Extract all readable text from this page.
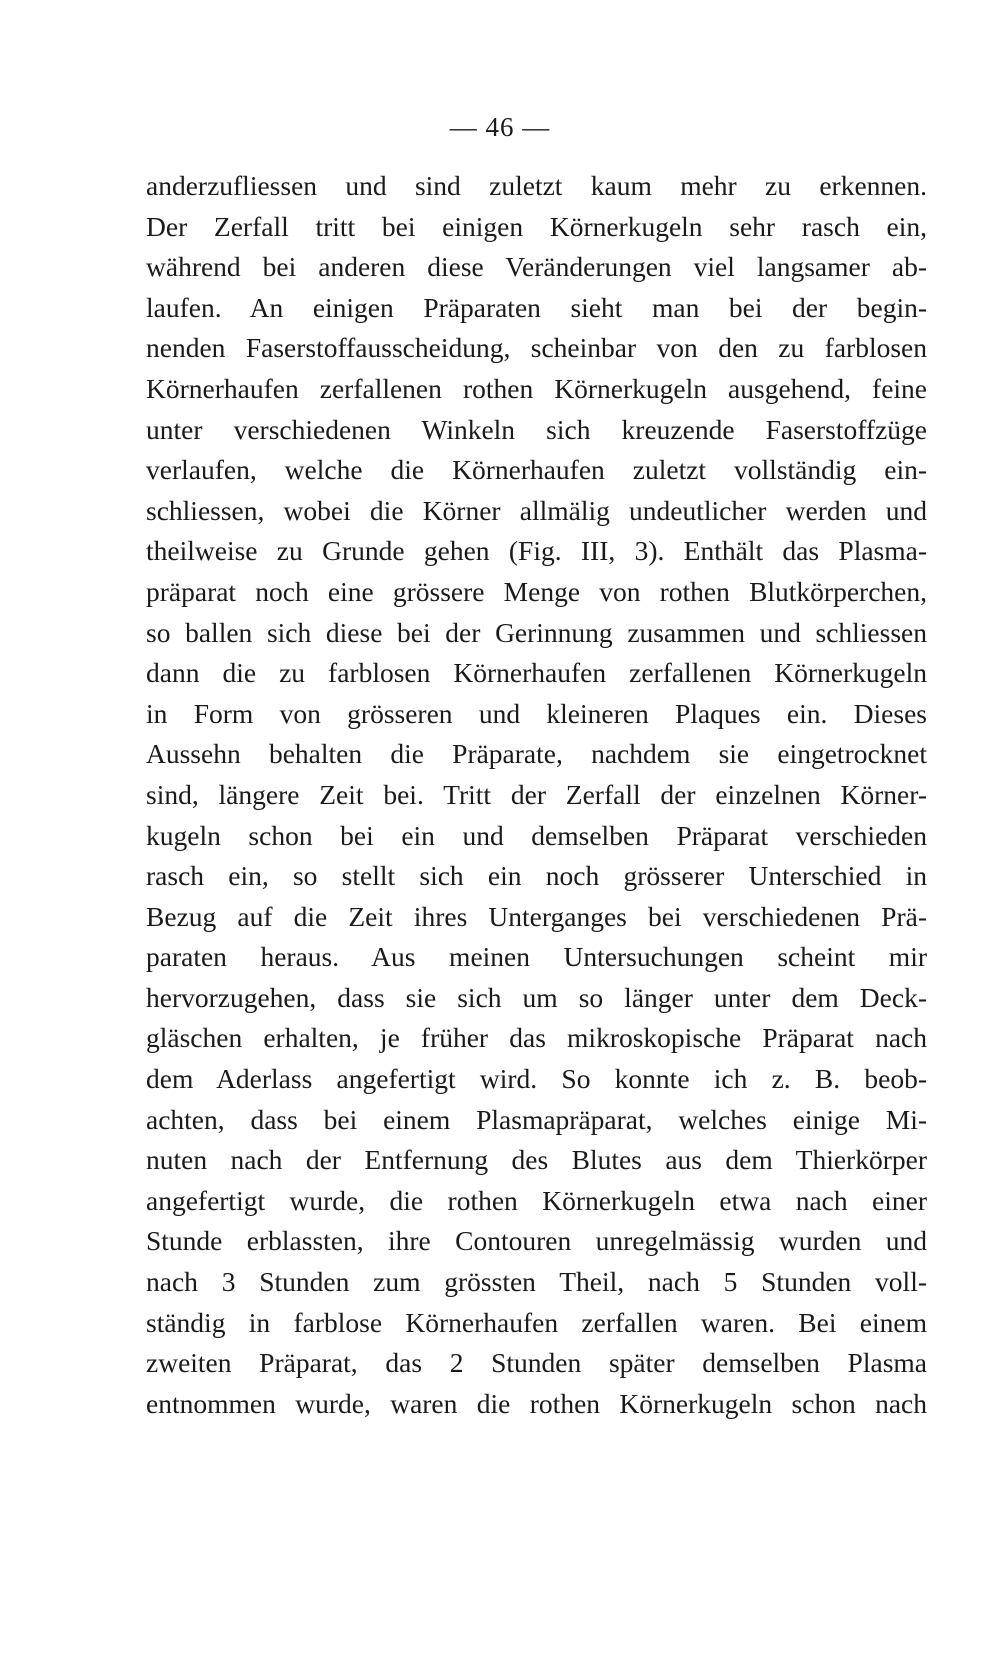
— 46 —
anderzufliessen und sind zuletzt kaum mehr zu erkennen.
Der Zerfall tritt bei einigen Körnerkugeln sehr rasch ein,
während bei anderen diese Veränderungen viel langsamer ab-
laufen. An einigen Präparaten sieht man bei der begin-
nenden Faserstoffausscheidung, scheinbar von den zu farblosen
Körnerhaufen zerfallenen rothen Körnerkugeln ausgehend, feine
unter verschiedenen Winkeln sich kreuzende Faserstoffzüge
verlaufen, welche die Körnerhaufen zuletzt vollständig ein-
schliessen, wobei die Körner allmälig undeutlicher werden und
theilweise zu Grunde gehen (Fig. III, 3). Enthält das Plasma-
präparat noch eine grössere Menge von rothen Blutkörperchen,
so ballen sich diese bei der Gerinnung zusammen und schliessen
dann die zu farblosen Körnerhaufen zerfallenen Körnerkugeln
in Form von grösseren und kleineren Plaques ein. Dieses
Aussehn behalten die Präparate, nachdem sie eingetrocknet
sind, längere Zeit bei. Tritt der Zerfall der einzelnen Körner-
kugeln schon bei ein und demselben Präparat verschieden
rasch ein, so stellt sich ein noch grösserer Unterschied in
Bezug auf die Zeit ihres Unterganges bei verschiedenen Prä-
paraten heraus. Aus meinen Untersuchungen scheint mir
hervorzugehen, dass sie sich um so länger unter dem Deck-
gläschen erhalten, je früher das mikroskopische Präparat nach
dem Aderlass angefertigt wird. So konnte ich z. B. beob-
achten, dass bei einem Plasmapräparat, welches einige Mi-
nuten nach der Entfernung des Blutes aus dem Thierkörper
angefertigt wurde, die rothen Körnerkugeln etwa nach einer
Stunde erblassten, ihre Contouren unregelmässig wurden und
nach 3 Stunden zum grössten Theil, nach 5 Stunden voll-
ständig in farblose Körnerhaufen zerfallen waren. Bei einem
zweiten Präparat, das 2 Stunden später demselben Plasma
entnommen wurde, waren die rothen Körnerkugeln schon nach
